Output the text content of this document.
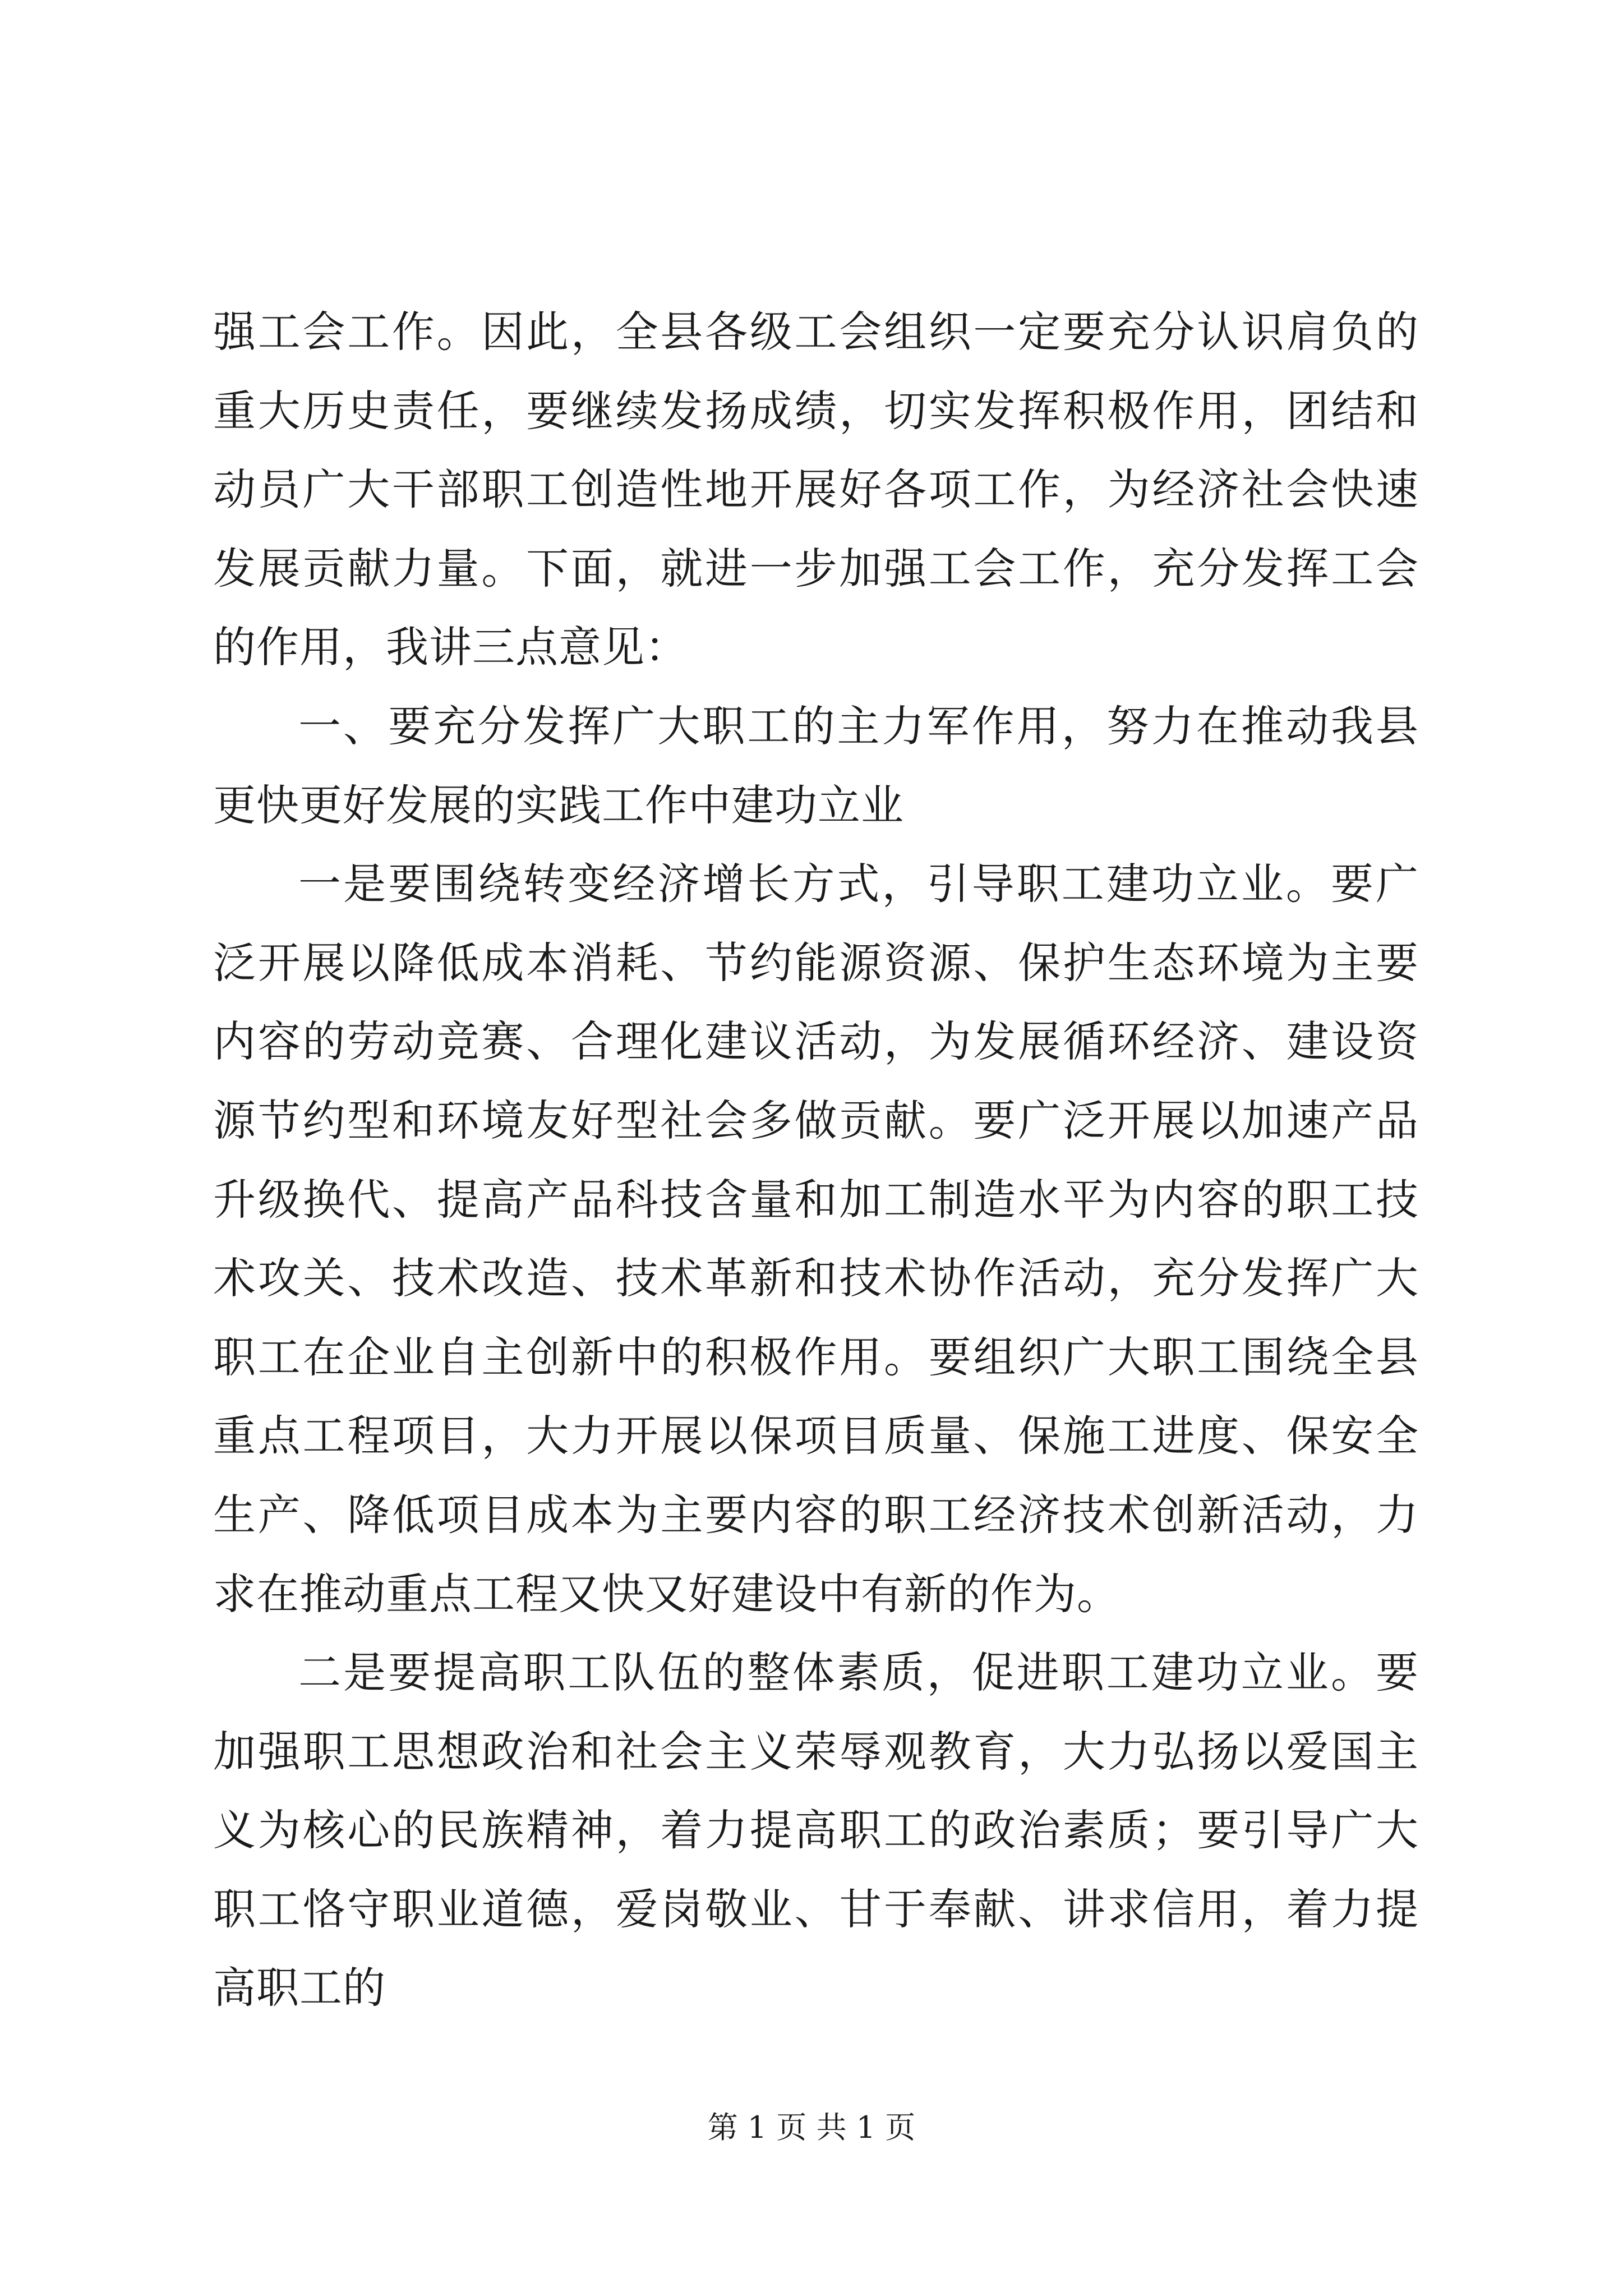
强工会工作。因此，全县各级工会组织一定要充分认识肩负的重大历史责任，要继续发扬成绩，切实发挥积极作用，团结和动员广大干部职工创造性地开展好各项工作，为经济社会快速发展贡献力量。下面，就进一步加强工会工作，充分发挥工会的作用，我讲三点意见：

一、要充分发挥广大职工的主力军作用，努力在推动我县更快更好发展的实践工作中建功立业

一是要围绕转变经济增长方式，引导职工建功立业。要广泛开展以降低成本消耗、节约能源资源、保护生态环境为主要内容的劳动竞赛、合理化建议活动，为发展循环经济、建设资源节约型和环境友好型社会多做贡献。要广泛开展以加速产品升级换代、提高产品科技含量和加工制造水平为内容的职工技术攻关、技术改造、技术革新和技术协作活动，充分发挥广大职工在企业自主创新中的积极作用。要组织广大职工围绕全县重点工程项目，大力开展以保项目质量、保施工进度、保安全生产、降低项目成本为主要内容的职工经济技术创新活动，力求在推动重点工程又快又好建设中有新的作为。

二是要提高职工队伍的整体素质，促进职工建功立业。要加强职工思想政治和社会主义荣辱观教育，大力弘扬以爱国主义为核心的民族精神，着力提高职工的政治素质；要引导广大职工恪守职业道德，爱岗敬业、甘于奉献、讲求信用，着力提高职工的

第 1 页 共 1 页
